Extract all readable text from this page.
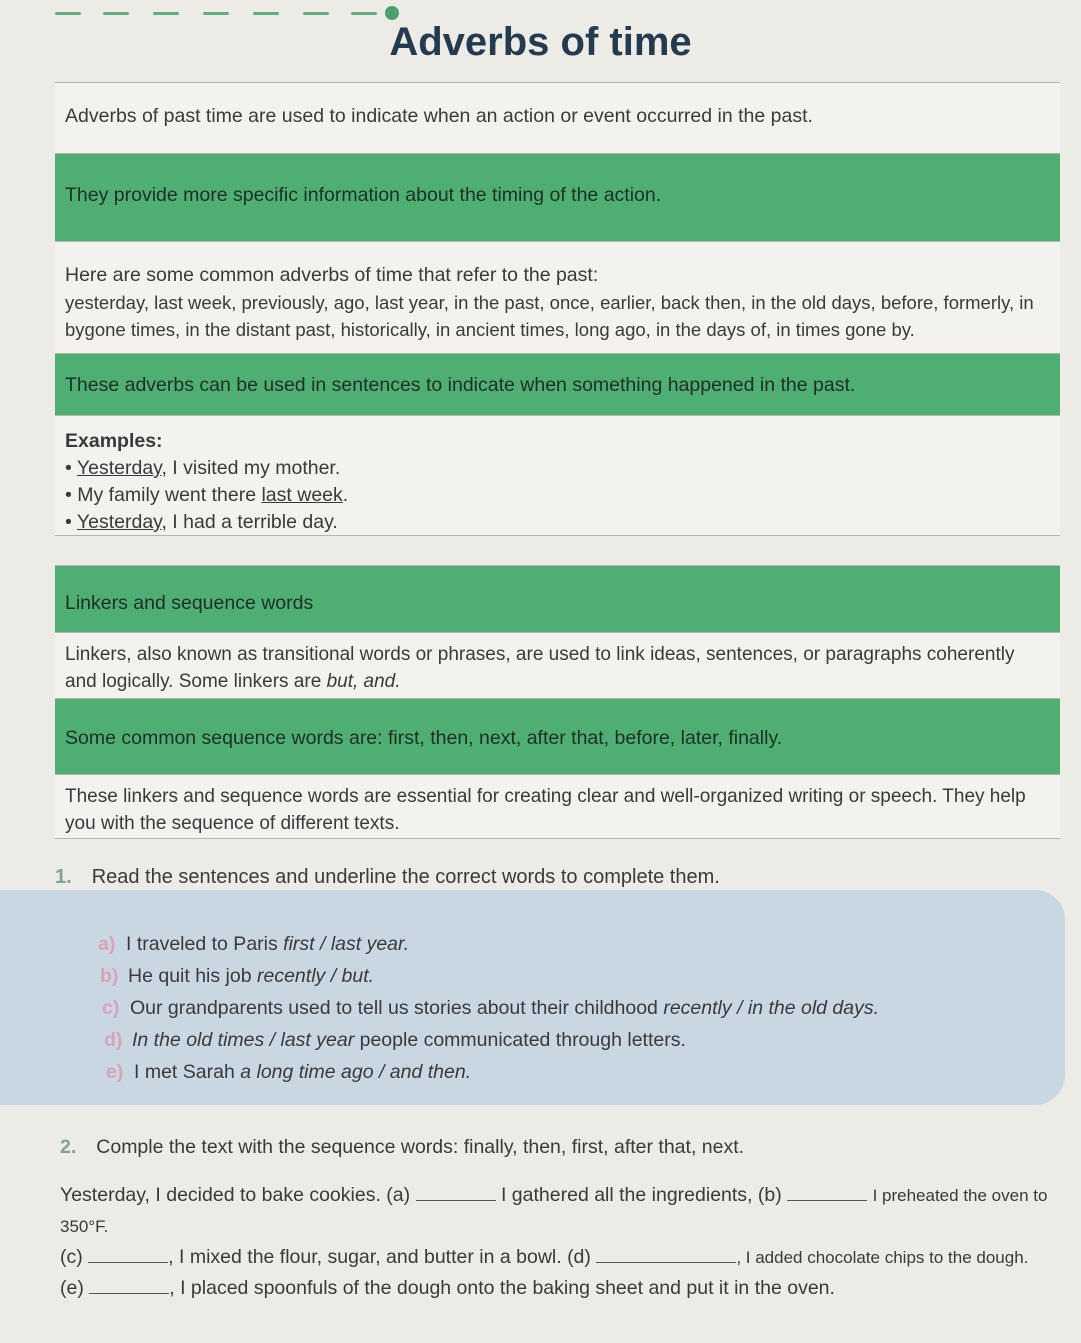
Adverbs of time
Adverbs of past time are used to indicate when an action or event occurred in the past.
They provide more specific information about the timing of the action.
Here are some common adverbs of time that refer to the past:
yesterday, last week, previously, ago, last year, in the past, once, earlier, back then, in the old days, before, formerly, in bygone times, in the distant past, historically, in ancient times, long ago, in the days of, in times gone by.
These adverbs can be used in sentences to indicate when something happened in the past.
Examples:
• Yesterday, I visited my mother.
• My family went there last week.
• Yesterday, I had a terrible day.
Linkers and sequence words
Linkers, also known as transitional words or phrases, are used to link ideas, sentences, or paragraphs coherently and logically. Some linkers are but, and.
Some common sequence words are: first, then, next, after that, before, later, finally.
These linkers and sequence words are essential for creating clear and well-organized writing or speech. They help you with the sequence of different texts.
1. Read the sentences and underline the correct words to complete them.
a) I traveled to Paris first / last year.
b) He quit his job recently / but.
c) Our grandparents used to tell us stories about their childhood recently / in the old days.
d) In the old times / last year people communicated through letters.
e) I met Sarah a long time ago / and then.
2. Comple the text with the sequence words: finally, then, first, after that, next.
Yesterday, I decided to bake cookies. (a)	I gathered all the ingredients, (b)	I preheated the oven to 350°F.
(c)	, I mixed the flour, sugar, and butter in a bowl. (d)	, I added chocolate chips to the dough.
(e)	, I placed spoonfuls of the dough onto the baking sheet and put it in the oven.
